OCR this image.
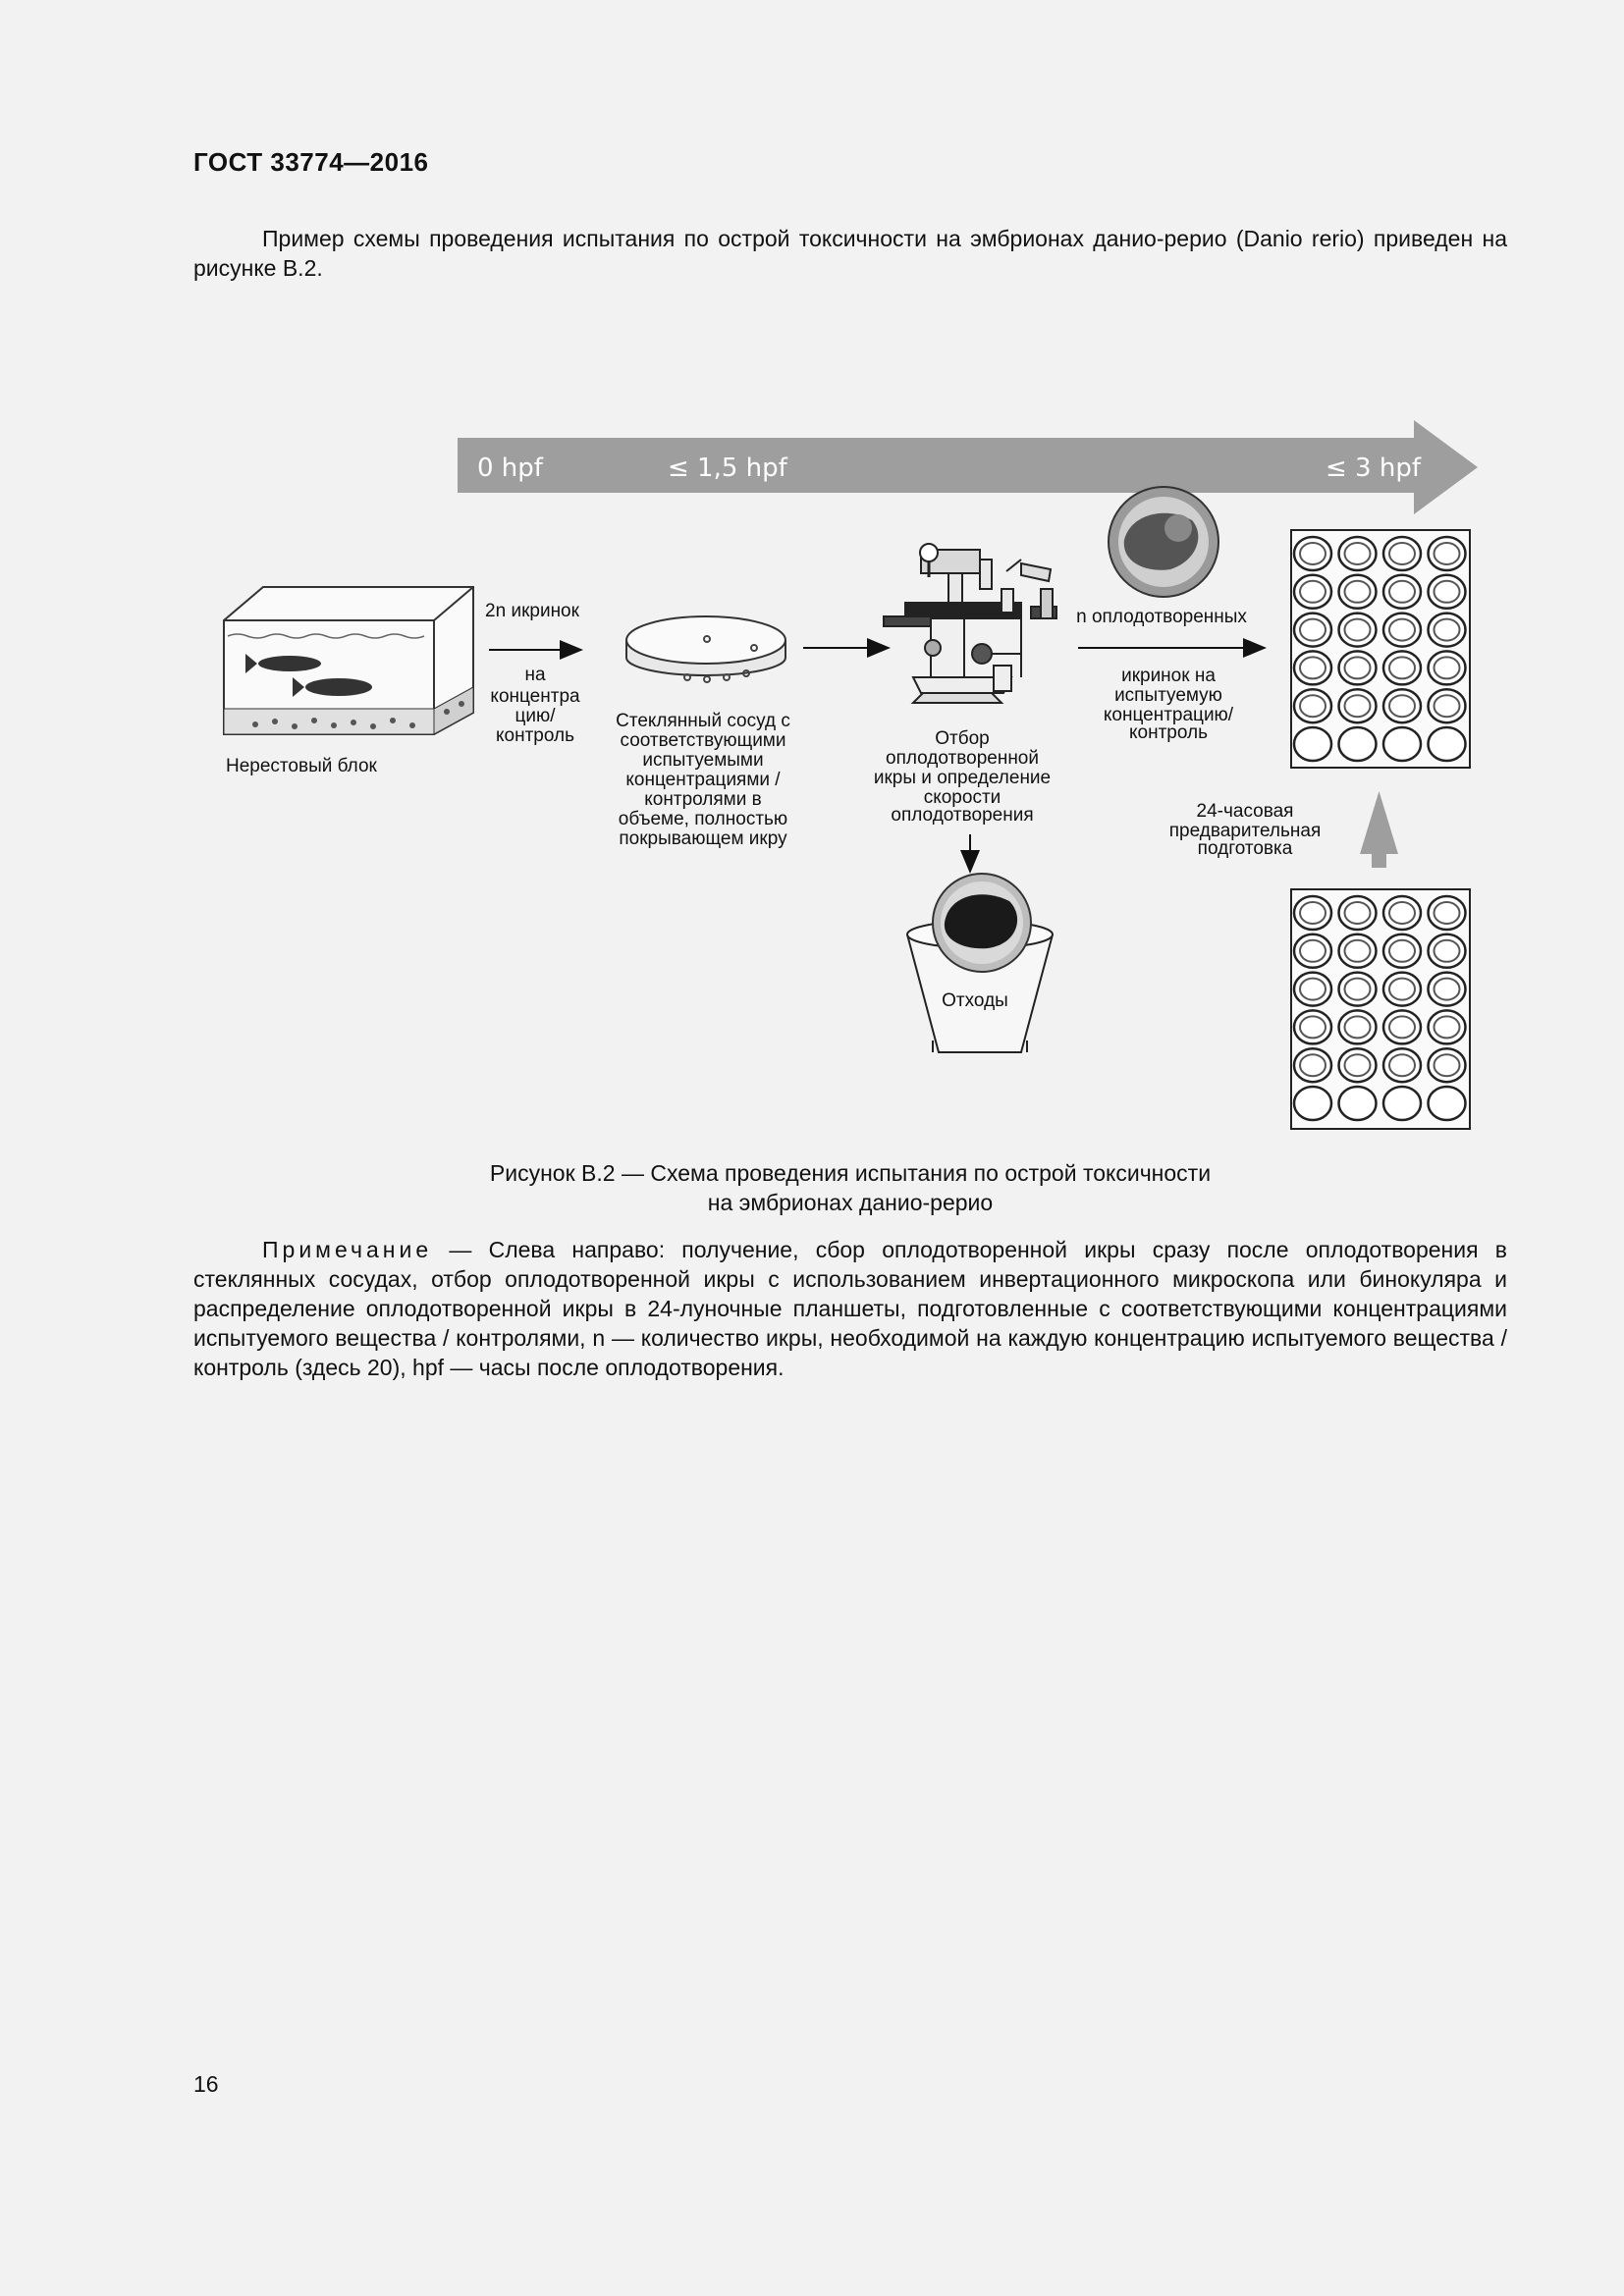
ГОСТ 33774—2016

Пример схемы проведения испытания по острой токсичности на эмбрионах данио-рерио (Danio rerio) приведен на рисунке В.2.

0 hpf	≤ 1,5 hpf	≤ 3 hpf
Нерестовый блок
2n икринок
на
концентра
цию/
контроль
Стеклянный сосуд с
соответствующими
испытуемыми
концентрациями /
контролями в
объеме, полностью
покрывающем икру
Отбор
оплодотворенной
икры и определение
скорости
оплодотворения
Отходы
n оплодотворенных
икринок на
испытуемую
концентрацию/
контроль
24-часовая
предварительная
подготовка
Рисунок В.2 — Схема проведения испытания по острой токсичности
на эмбрионах данио-рерио

Примечание — Слева направо: получение, сбор оплодотворенной икры сразу после оплодотворения в стеклянных сосудах, отбор оплодотворенной икры с использованием инвертационного микроскопа или бинокуляра и распределение оплодотворенной икры в 24-луночные планшеты, подготовленные с соответствующими концентрациями испытуемого вещества / контролями, n — количество икры, необходимой на каждую концентрацию испытуемого вещества / контроль (здесь 20), hpf — часы после оплодотворения.

16
